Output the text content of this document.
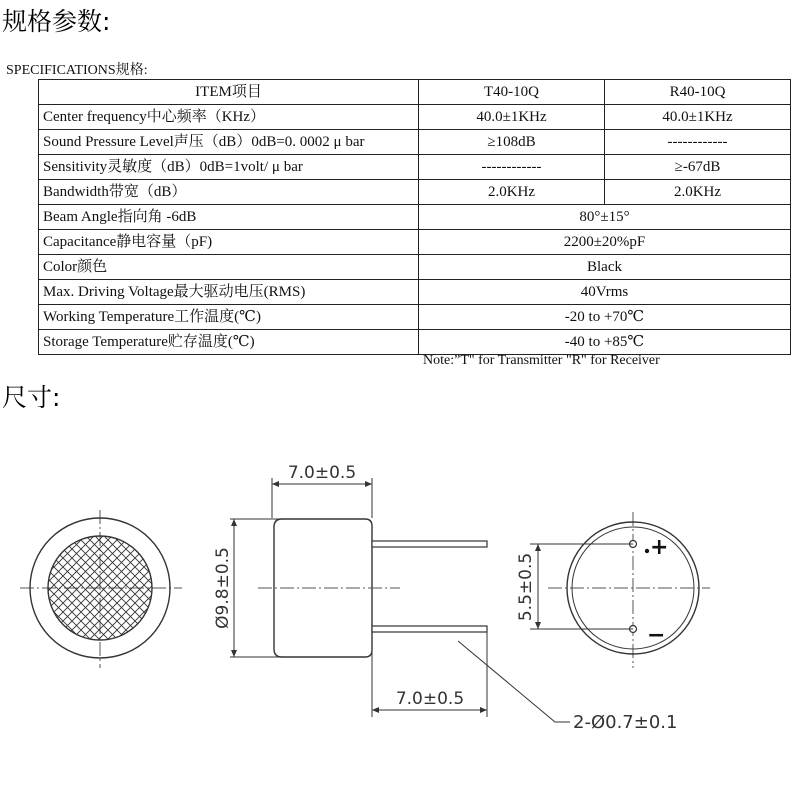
规格参数:
SPECIFICATIONS规格:
ITEM项目	T40-10Q	R40-10Q
Center frequency中心频率（KHz）	40.0±1KHz	40.0±1KHz
Sound Pressure Level声压（dB）0dB=0. 0002 μ bar	≥108dB	------------
Sensitivity灵敏度（dB）0dB=1volt/ μ bar	------------	≥-67dB
Bandwidth带宽（dB）	2.0KHz	2.0KHz
Beam Angle指向角 -6dB	80°±15°	
Capacitance静电容量（pF)	2200±20%pF	
Color颜色	Black	
Max. Driving Voltage最大驱动电压(RMS)	40Vrms	
Working Temperature工作温度(℃)	-20 to +70℃	
Storage Temperature贮存温度(℃)	-40 to +85℃	
Note:”T" for Transmitter "R" for Receiver
尺寸:
7.0±0.5
Ø9.8±0.5
7.0±0.5
2-Ø0.7±0.1
+
−
5.5±0.5
